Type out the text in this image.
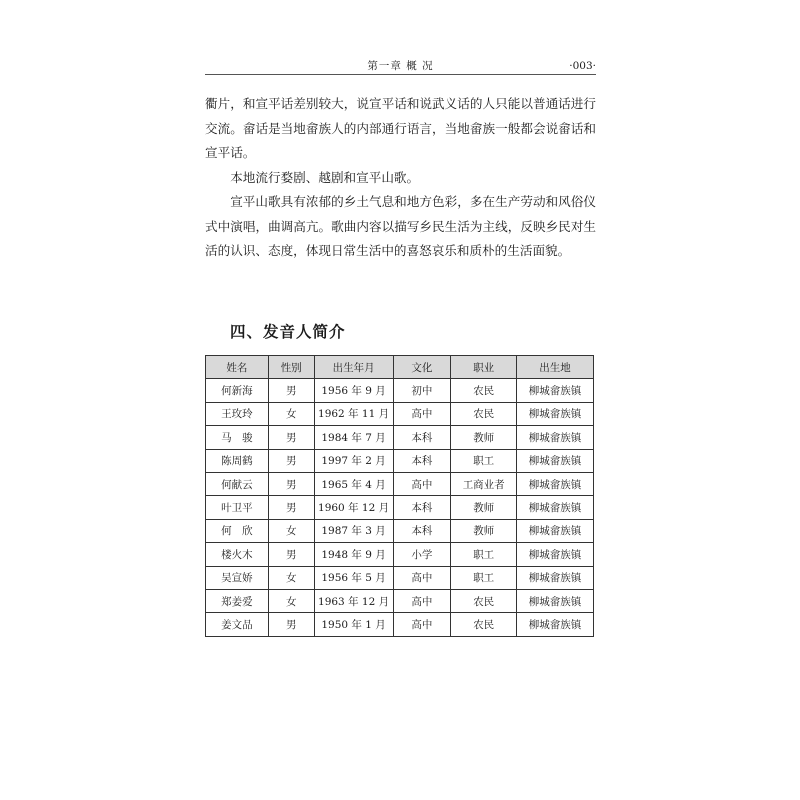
第一章 概 况	·003·

衢片，和宣平话差别较大，说宣平话和说武义话的人只能以普通话进行交流。畲话是当地畲族人的内部通行语言，当地畲族一般都会说畲话和宣平话。

本地流行婺剧、越剧和宣平山歌。

宣平山歌具有浓郁的乡土气息和地方色彩，多在生产劳动和风俗仪式中演唱，曲调高亢。歌曲内容以描写乡民生活为主线，反映乡民对生活的认识、态度，体现日常生活中的喜怒哀乐和质朴的生活面貌。

四、发音人简介
姓名	性别	出生年月	文化	职业	出生地
何新海	男	1956 年 9 月	初中	农民	柳城畲族镇
王玫玲	女	1962 年 11 月	高中	农民	柳城畲族镇
马　骏	男	1984 年 7 月	本科	教师	柳城畲族镇
陈周鹤	男	1997 年 2 月	本科	职工	柳城畲族镇
何献云	男	1965 年 4 月	高中	工商业者	柳城畲族镇
叶卫平	男	1960 年 12 月	本科	教师	柳城畲族镇
何　欣	女	1987 年 3 月	本科	教师	柳城畲族镇
楼火木	男	1948 年 9 月	小学	职工	柳城畲族镇
吴宣娇	女	1956 年 5 月	高中	职工	柳城畲族镇
郑姜爱	女	1963 年 12 月	高中	农民	柳城畲族镇
姜文品	男	1950 年 1 月	高中	农民	柳城畲族镇
